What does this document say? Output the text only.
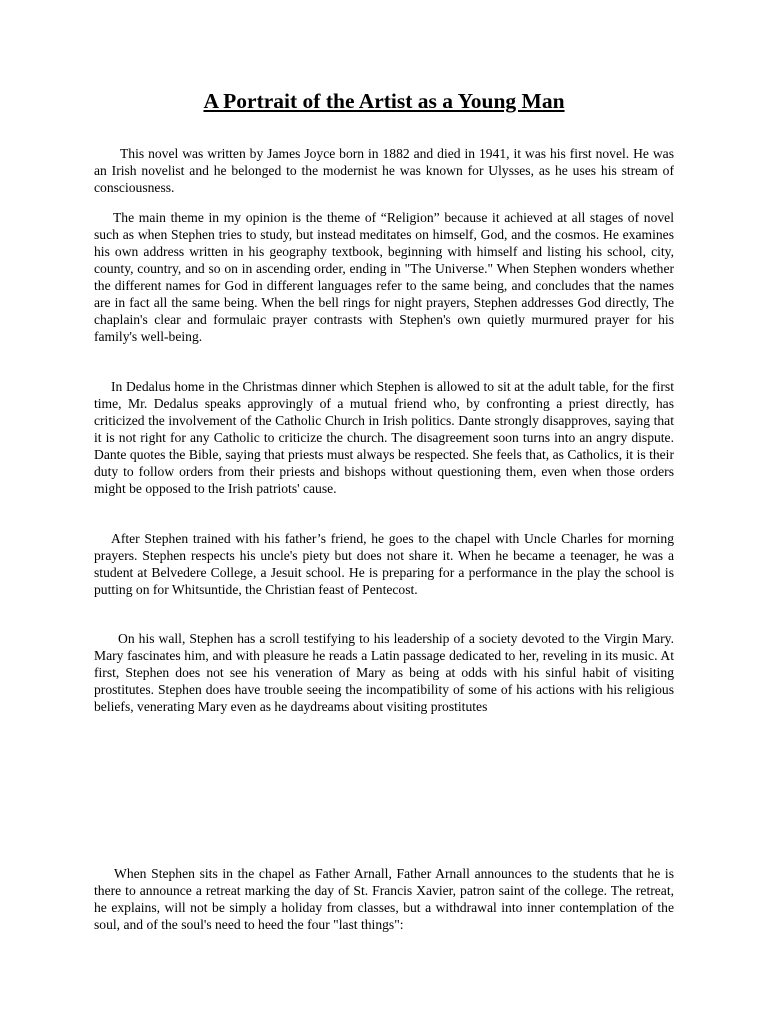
A Portrait of the Artist as a Young Man

This novel was written by James Joyce born in 1882 and died in 1941, it was his first novel. He was an Irish novelist and he belonged to the modernist he was known for Ulysses, as he uses his stream of consciousness.

The main theme in my opinion is the theme of “Religion” because it achieved at all stages of novel such as when Stephen tries to study, but instead meditates on himself, God, and the cosmos. He examines his own address written in his geography textbook, beginning with himself and listing his school, city, county, country, and so on in ascending order, ending in "The Universe." When Stephen wonders whether the different names for God in different languages refer to the same being, and concludes that the names are in fact all the same being. When the bell rings for night prayers, Stephen addresses God directly, The chaplain's clear and formulaic prayer contrasts with Stephen's own quietly murmured prayer for his family's well-being.

In Dedalus home in the Christmas dinner which Stephen is allowed to sit at the adult table, for the first time, Mr. Dedalus speaks approvingly of a mutual friend who, by confronting a priest directly, has criticized the involvement of the Catholic Church in Irish politics. Dante strongly disapproves, saying that it is not right for any Catholic to criticize the church. The disagreement soon turns into an angry dispute. Dante quotes the Bible, saying that priests must always be respected. She feels that, as Catholics, it is their duty to follow orders from their priests and bishops without questioning them, even when those orders might be opposed to the Irish patriots' cause.

After Stephen trained with his father’s friend, he goes to the chapel with Uncle Charles for morning prayers. Stephen respects his uncle's piety but does not share it. When he became a teenager, he was a student at Belvedere College, a Jesuit school. He is preparing for a performance in the play the school is putting on for Whitsuntide, the Christian feast of Pentecost.

On his wall, Stephen has a scroll testifying to his leadership of a society devoted to the Virgin Mary. Mary fascinates him, and with pleasure he reads a Latin passage dedicated to her, reveling in its music. At first, Stephen does not see his veneration of Mary as being at odds with his sinful habit of visiting prostitutes. Stephen does have trouble seeing the incompatibility of some of his actions with his religious beliefs, venerating Mary even as he daydreams about visiting prostitutes

When Stephen sits in the chapel as Father Arnall, Father Arnall announces to the students that he is there to announce a retreat marking the day of St. Francis Xavier, patron saint of the college. The retreat, he explains, will not be simply a holiday from classes, but a withdrawal into inner contemplation of the soul, and of the soul's need to heed the four "last things":
